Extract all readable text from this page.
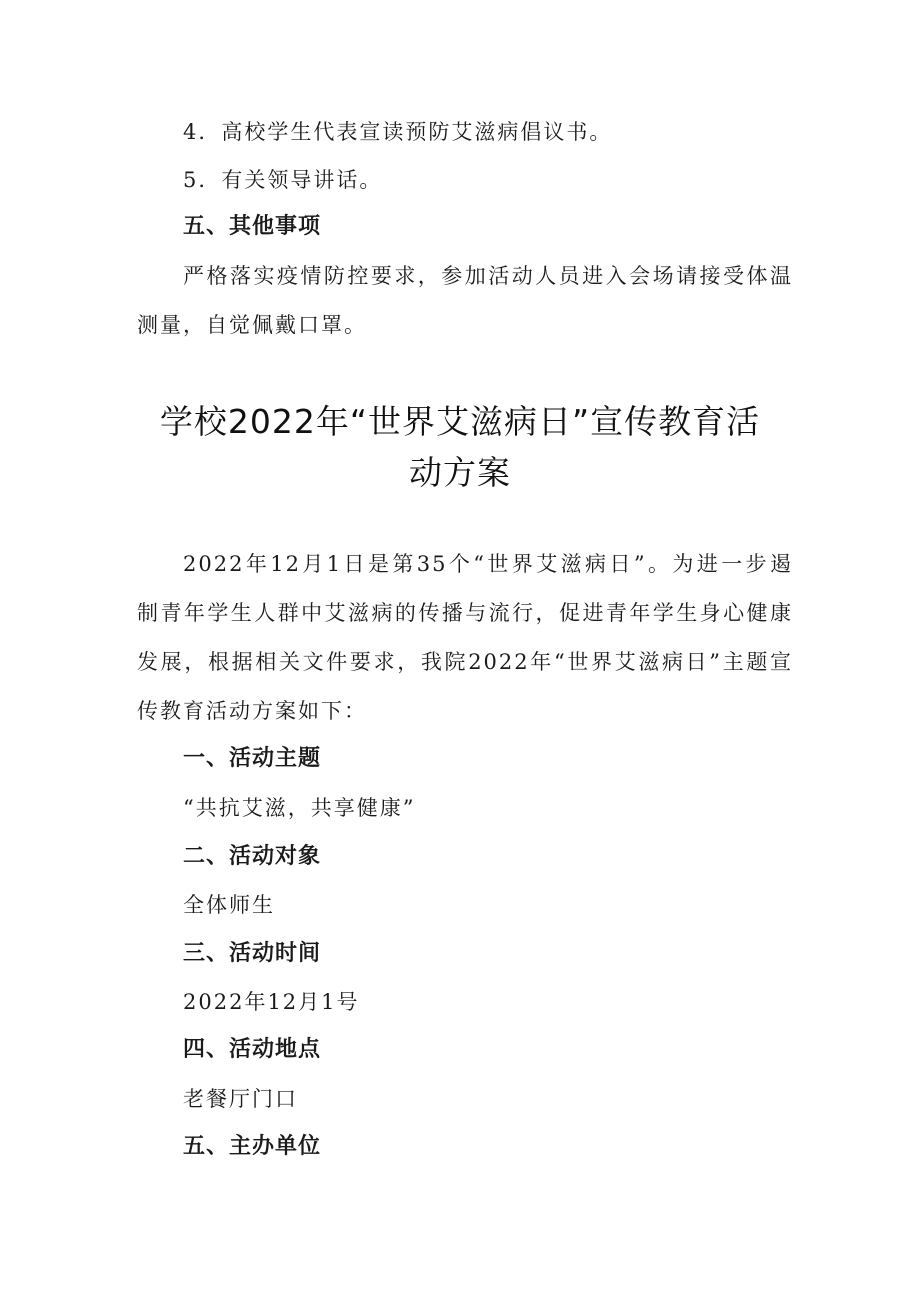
4．高校学生代表宣读预防艾滋病倡议书。
5．有关领导讲话。
五、其他事项
严格落实疫情防控要求，参加活动人员进入会场请接受体温
测量，自觉佩戴口罩。
学校2022年“世界艾滋病日”宣传教育活
动方案
2022年12月1日是第35个“世界艾滋病日”。为进一步遏
制青年学生人群中艾滋病的传播与流行，促进青年学生身心健康
发展，根据相关文件要求，我院2022年“世界艾滋病日”主题宣
传教育活动方案如下：
一、活动主题
“共抗艾滋，共享健康”
二、活动对象
全体师生
三、活动时间
2022年12月1号
四、活动地点
老餐厅门口
五、主办单位
